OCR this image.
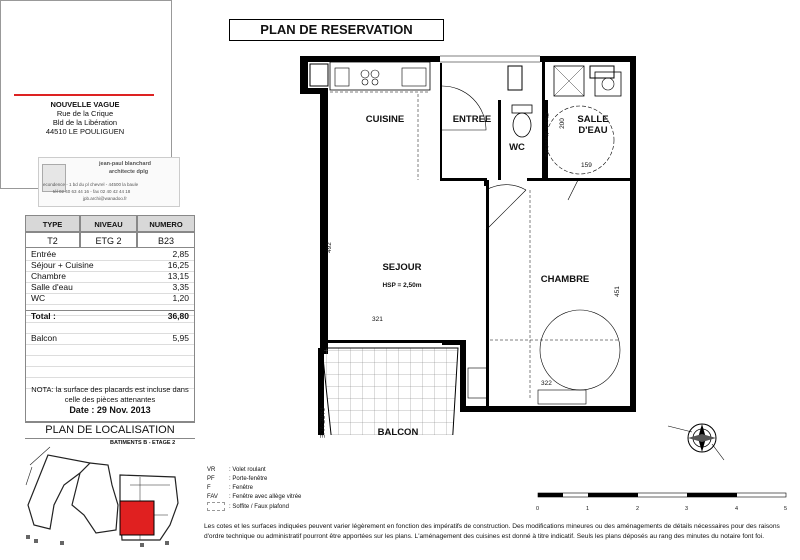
NOUVELLE VAGUE
Rue de la Crique
Bld de la Libération
44510 LE POULIGUEN
jean-paul blanchard
architecte dplg
econdence - 1 bd du pl chevrel - 44500 la baule
tél 02 40 63 44 16 - fax 02 40 42 44 18
jpb.archi@wanadoo.fr
TYPE	NIVEAU	NUMERO
T2	ETG 2	B23
Entrée	2,85
Séjour + Cuisine	16,25
Chambre	13,15
Salle d'eau	3,35
WC	1,20
Total :	36,80
Balcon	5,95
NOTA: la surface des placards est incluse dans celle des pièces attenantes
Date : 29 Nov. 2013
PLAN DE LOCALISATION
BATIMENTS B - ETAGE 2
PLAN DE RESERVATION
492
321
451
322
159
200
Cloison démontable
CUISINE	ENTREE
WC
SALLE
D'EAU
SEJOUR
HSP = 2,50m
CHAMBRE
BALCON
PARE-VUE
VR : Volet roulant
PF : Porte-fenêtre
F	: Fenêtre
FAV : Fenêtre avec allège vitrée
: Soffite / Faux plafond	0	1	2	3	4	5
Les cotes et les surfaces indiquées peuvent varier légèrement en fonction des impératifs de construction. Des modifications mineures ou des aménagements de détails nécessaires pour des raisons d'ordre technique ou administratif pourront être apportées sur les plans. L'aménagement des cuisines est donné à titre indicatif. Seuls les plans déposés au rang des minutes du notaire font foi.
